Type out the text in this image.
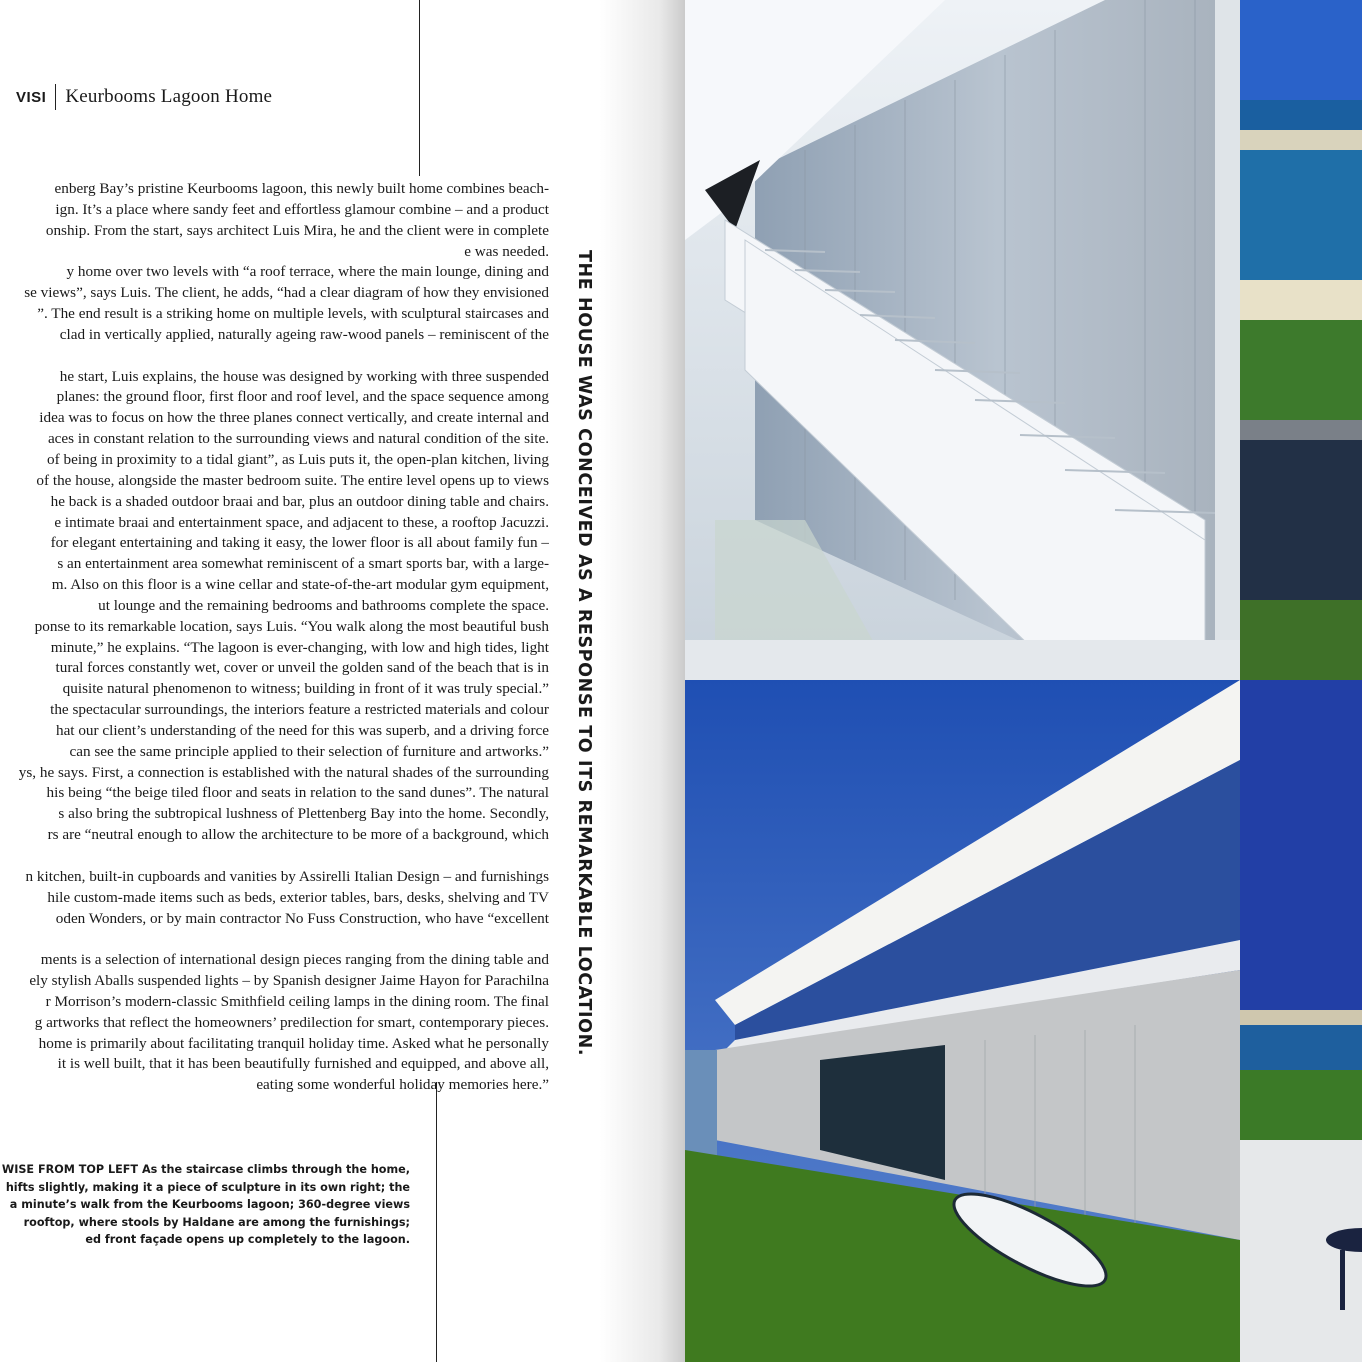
VISI Keurbooms Lagoon Home
enberg Bay’s pristine Keurbooms lagoon, this newly built home combines beach-
ign. It’s a place where sandy feet and effortless glamour combine – and a product
onship. From the start, says architect Luis Mira, he and the client were in complete
e was needed.
y home over two levels with “a roof terrace, where the main lounge, dining and
se views”, says Luis. The client, he adds, “had a clear diagram of how they envisioned
”. The end result is a striking home on multiple levels, with sculptural staircases and
clad in vertically applied, naturally ageing raw-wood panels – reminiscent of the

he start, Luis explains, the house was designed by working with three suspended
planes: the ground floor, first floor and roof level, and the space sequence among
idea was to focus on how the three planes connect vertically, and create internal and
aces in constant relation to the surrounding views and natural condition of the site.
of being in proximity to a tidal giant”, as Luis puts it, the open-plan kitchen, living
of the house, alongside the master bedroom suite. The entire level opens up to views
he back is a shaded outdoor braai and bar, plus an outdoor dining table and chairs.
e intimate braai and entertainment space, and adjacent to these, a rooftop Jacuzzi.
for elegant entertaining and taking it easy, the lower floor is all about family fun –
s an entertainment area somewhat reminiscent of a smart sports bar, with a large-
m. Also on this floor is a wine cellar and state-of-the-art modular gym equipment,
ut lounge and the remaining bedrooms and bathrooms complete the space.
ponse to its remarkable location, says Luis. “You walk along the most beautiful bush
minute,” he explains. “The lagoon is ever-changing, with low and high tides, light
tural forces constantly wet, cover or unveil the golden sand of the beach that is in
quisite natural phenomenon to witness; building in front of it was truly special.”
the spectacular surroundings, the interiors feature a restricted materials and colour
hat our client’s understanding of the need for this was superb, and a driving force
can see the same principle applied to their selection of furniture and artworks.”
ys, he says. First, a connection is established with the natural shades of the surrounding
his being “the beige tiled floor and seats in relation to the sand dunes”. The natural
s also bring the subtropical lushness of Plettenberg Bay into the home. Secondly,
rs are “neutral enough to allow the architecture to be more of a background, which

n kitchen, built-in cupboards and vanities by Assirelli Italian Design – and furnishings
hile custom-made items such as beds, exterior tables, bars, desks, shelving and TV
oden Wonders, or by main contractor No Fuss Construction, who have “excellent

ments is a selection of international design pieces ranging from the dining table and
ely stylish Aballs suspended lights – by Spanish designer Jaime Hayon for Parachilna
r Morrison’s modern-classic Smithfield ceiling lamps in the dining room. The final
g artworks that reflect the homeowners’ predilection for smart, contemporary pieces.
home is primarily about facilitating tranquil holiday time. Asked what he personally
it is well built, that it has been beautifully furnished and equipped, and above all,
eating some wonderful holiday memories here.”
WISE FROM TOP LEFT As the staircase climbs through the home,
hifts slightly, making it a piece of sculpture in its own right; the
a minute’s walk from the Keurbooms lagoon; 360-degree views
rooftop, where stools by Haldane are among the furnishings;
ed front façade opens up completely to the lagoon.
THE HOUSE WAS CONCEIVED AS A RESPONSE TO ITS REMARKABLE LOCATION.
